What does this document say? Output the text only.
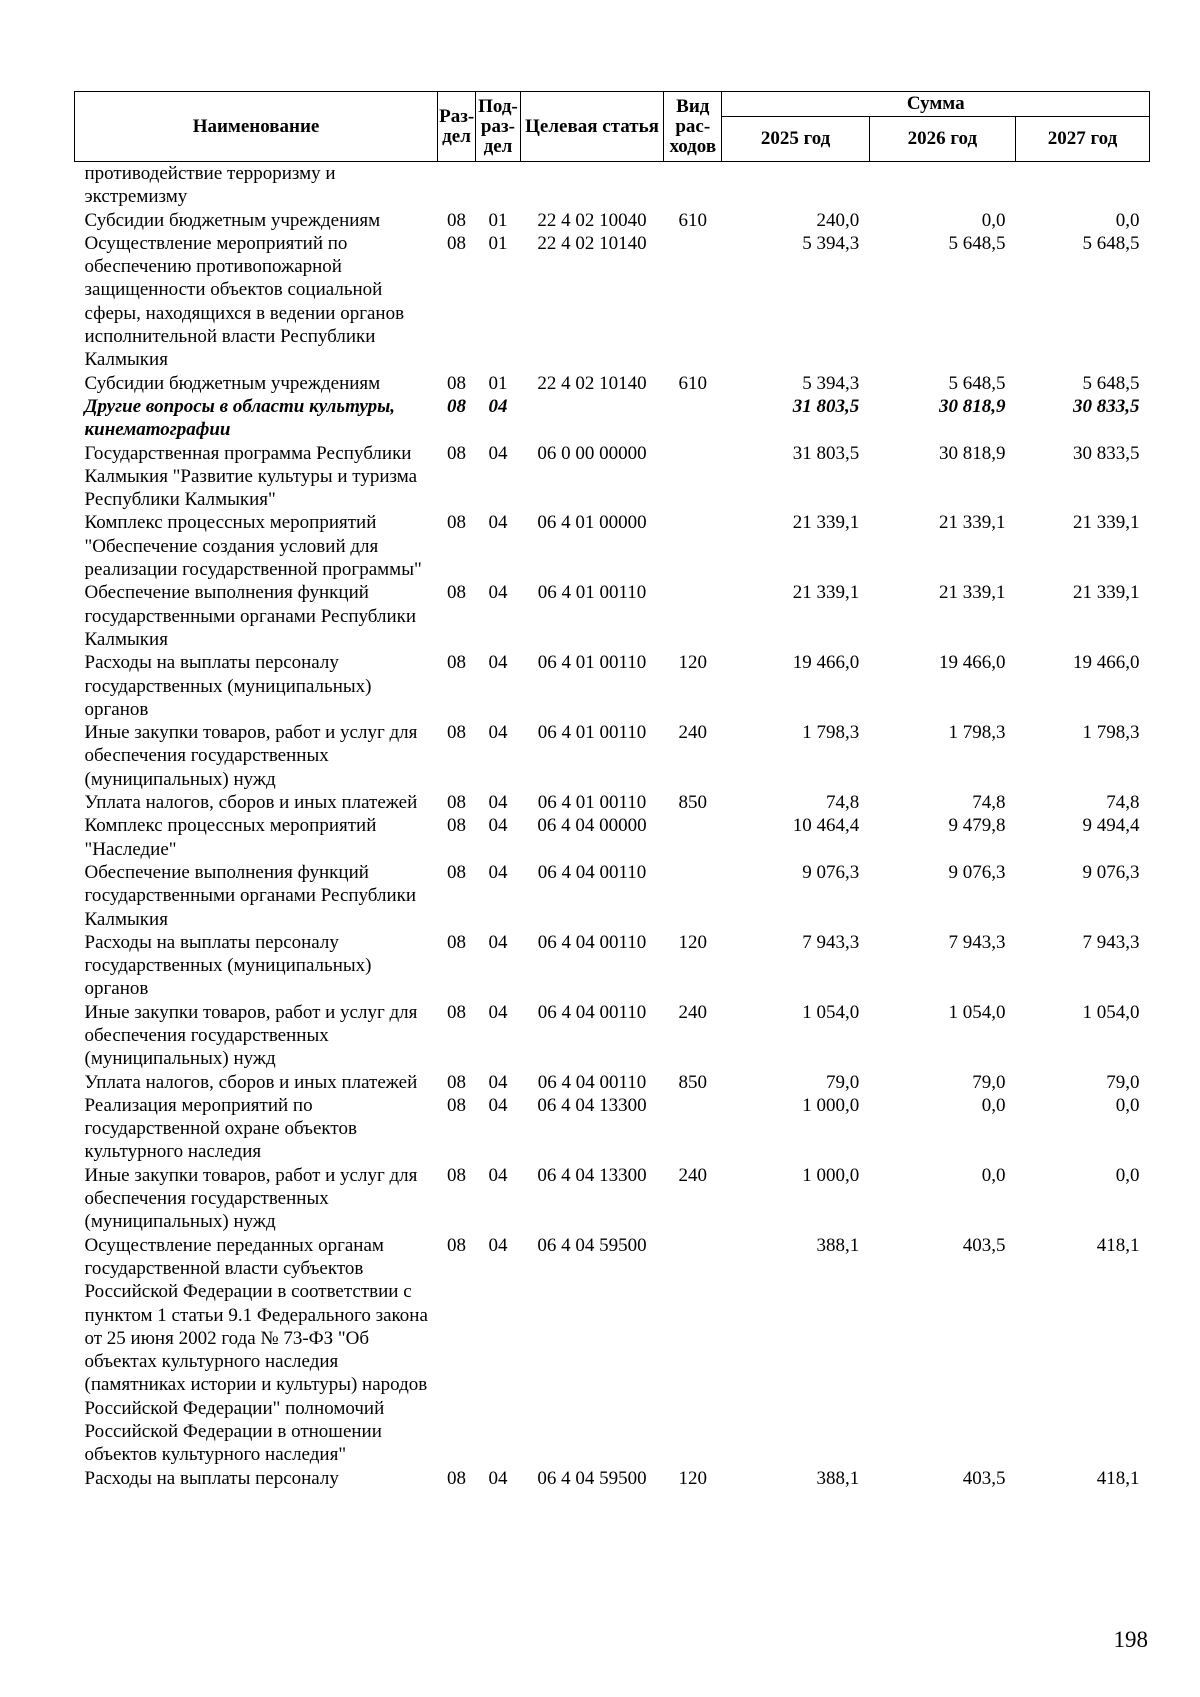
Наименование	Раз-дел	Под-раз-дел	Целевая статья	Вид рас-ходов	Сумма		
					2025 год	2026 год	2027 год
противодействие терроризму и экстремизму							
Субсидии бюджетным учреждениям	08	01	22 4 02 10040	610	240,0	0,0	0,0
Осуществление мероприятий по обеспечению противопожарной защищенности объектов социальной сферы, находящихся в ведении органов исполнительной власти Республики Калмыкия	08	01	22 4 02 10140		5 394,3	5 648,5	5 648,5
Субсидии бюджетным учреждениям	08	01	22 4 02 10140	610	5 394,3	5 648,5	5 648,5
Другие вопросы в области культуры, кинематографии	08	04			31 803,5	30 818,9	30 833,5
Государственная программа Республики Калмыкия "Развитие культуры и туризма Республики Калмыкия"	08	04	06 0 00 00000		31 803,5	30 818,9	30 833,5
Комплекс процессных мероприятий "Обеспечение создания условий для реализации государственной программы"	08	04	06 4 01 00000		21 339,1	21 339,1	21 339,1
Обеспечение выполнения функций государственными органами Республики Калмыкия	08	04	06 4 01 00110		21 339,1	21 339,1	21 339,1
Расходы на выплаты персоналу государственных (муниципальных) органов	08	04	06 4 01 00110	120	19 466,0	19 466,0	19 466,0
Иные закупки товаров, работ и услуг для обеспечения государственных (муниципальных) нужд	08	04	06 4 01 00110	240	1 798,3	1 798,3	1 798,3
Уплата налогов, сборов и иных платежей	08	04	06 4 01 00110	850	74,8	74,8	74,8
Комплекс процессных мероприятий "Наследие"	08	04	06 4 04 00000		10 464,4	9 479,8	9 494,4
Обеспечение выполнения функций государственными органами Республики Калмыкия	08	04	06 4 04 00110		9 076,3	9 076,3	9 076,3
Расходы на выплаты персоналу государственных (муниципальных) органов	08	04	06 4 04 00110	120	7 943,3	7 943,3	7 943,3
Иные закупки товаров, работ и услуг для обеспечения государственных (муниципальных) нужд	08	04	06 4 04 00110	240	1 054,0	1 054,0	1 054,0
Уплата налогов, сборов и иных платежей	08	04	06 4 04 00110	850	79,0	79,0	79,0
Реализация мероприятий по государственной охране объектов культурного наследия	08	04	06 4 04 13300		1 000,0	0,0	0,0
Иные закупки товаров, работ и услуг для обеспечения государственных (муниципальных) нужд	08	04	06 4 04 13300	240	1 000,0	0,0	0,0
Осуществление переданных органам государственной власти субъектов Российской Федерации в соответствии с пунктом 1 статьи 9.1 Федерального закона от 25 июня 2002 года № 73-ФЗ "Об объектах культурного наследия (памятниках истории и культуры) народов Российской Федерации" полномочий Российской Федерации в отношении объектов культурного наследия"	08	04	06 4 04 59500		388,1	403,5	418,1
Расходы на выплаты персоналу	08	04	06 4 04 59500	120	388,1	403,5	418,1
198
